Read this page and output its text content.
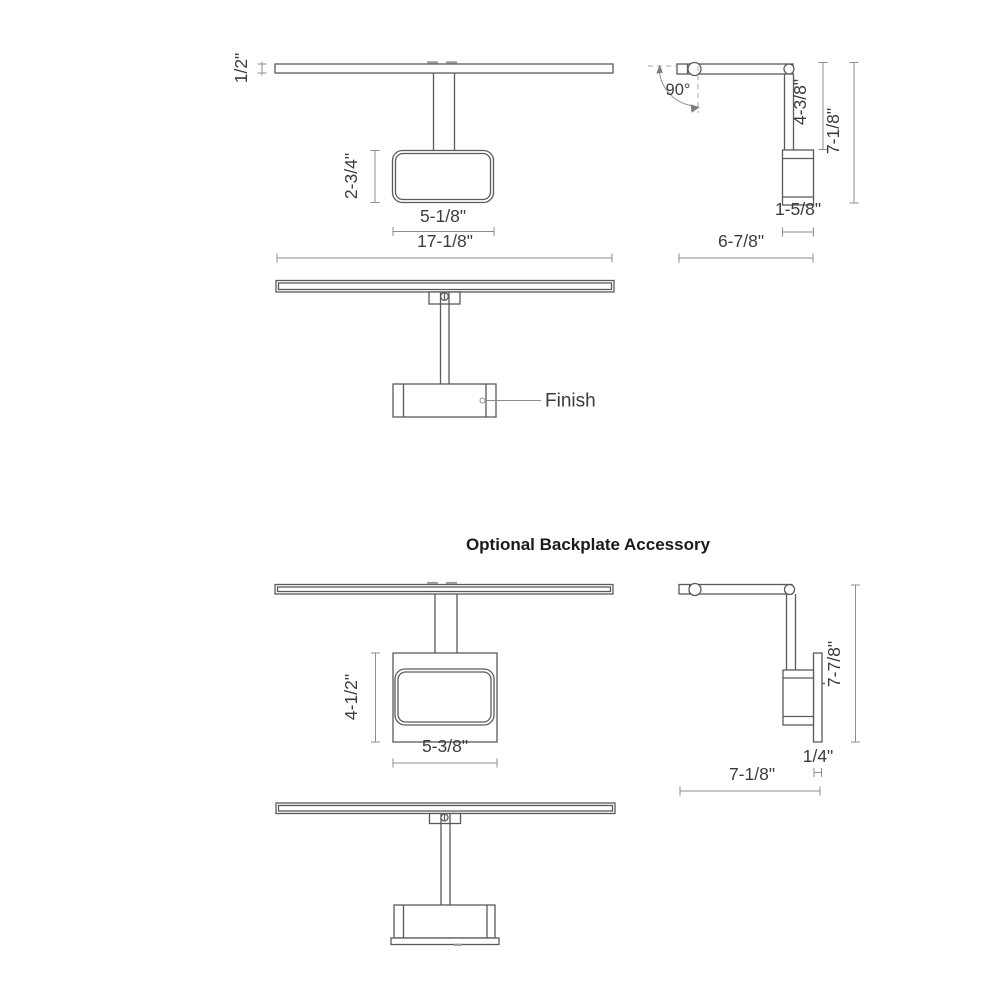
1/2"
2-3/4"
5-1/8"
17-1/8"
90°	4-3/8"
7-1/8"
1-5/8"
6-7/8"
Finish
Optional Backplate Accessory
4-1/2"
5-3/8"
7-7/8"
1/4"
7-1/8"
